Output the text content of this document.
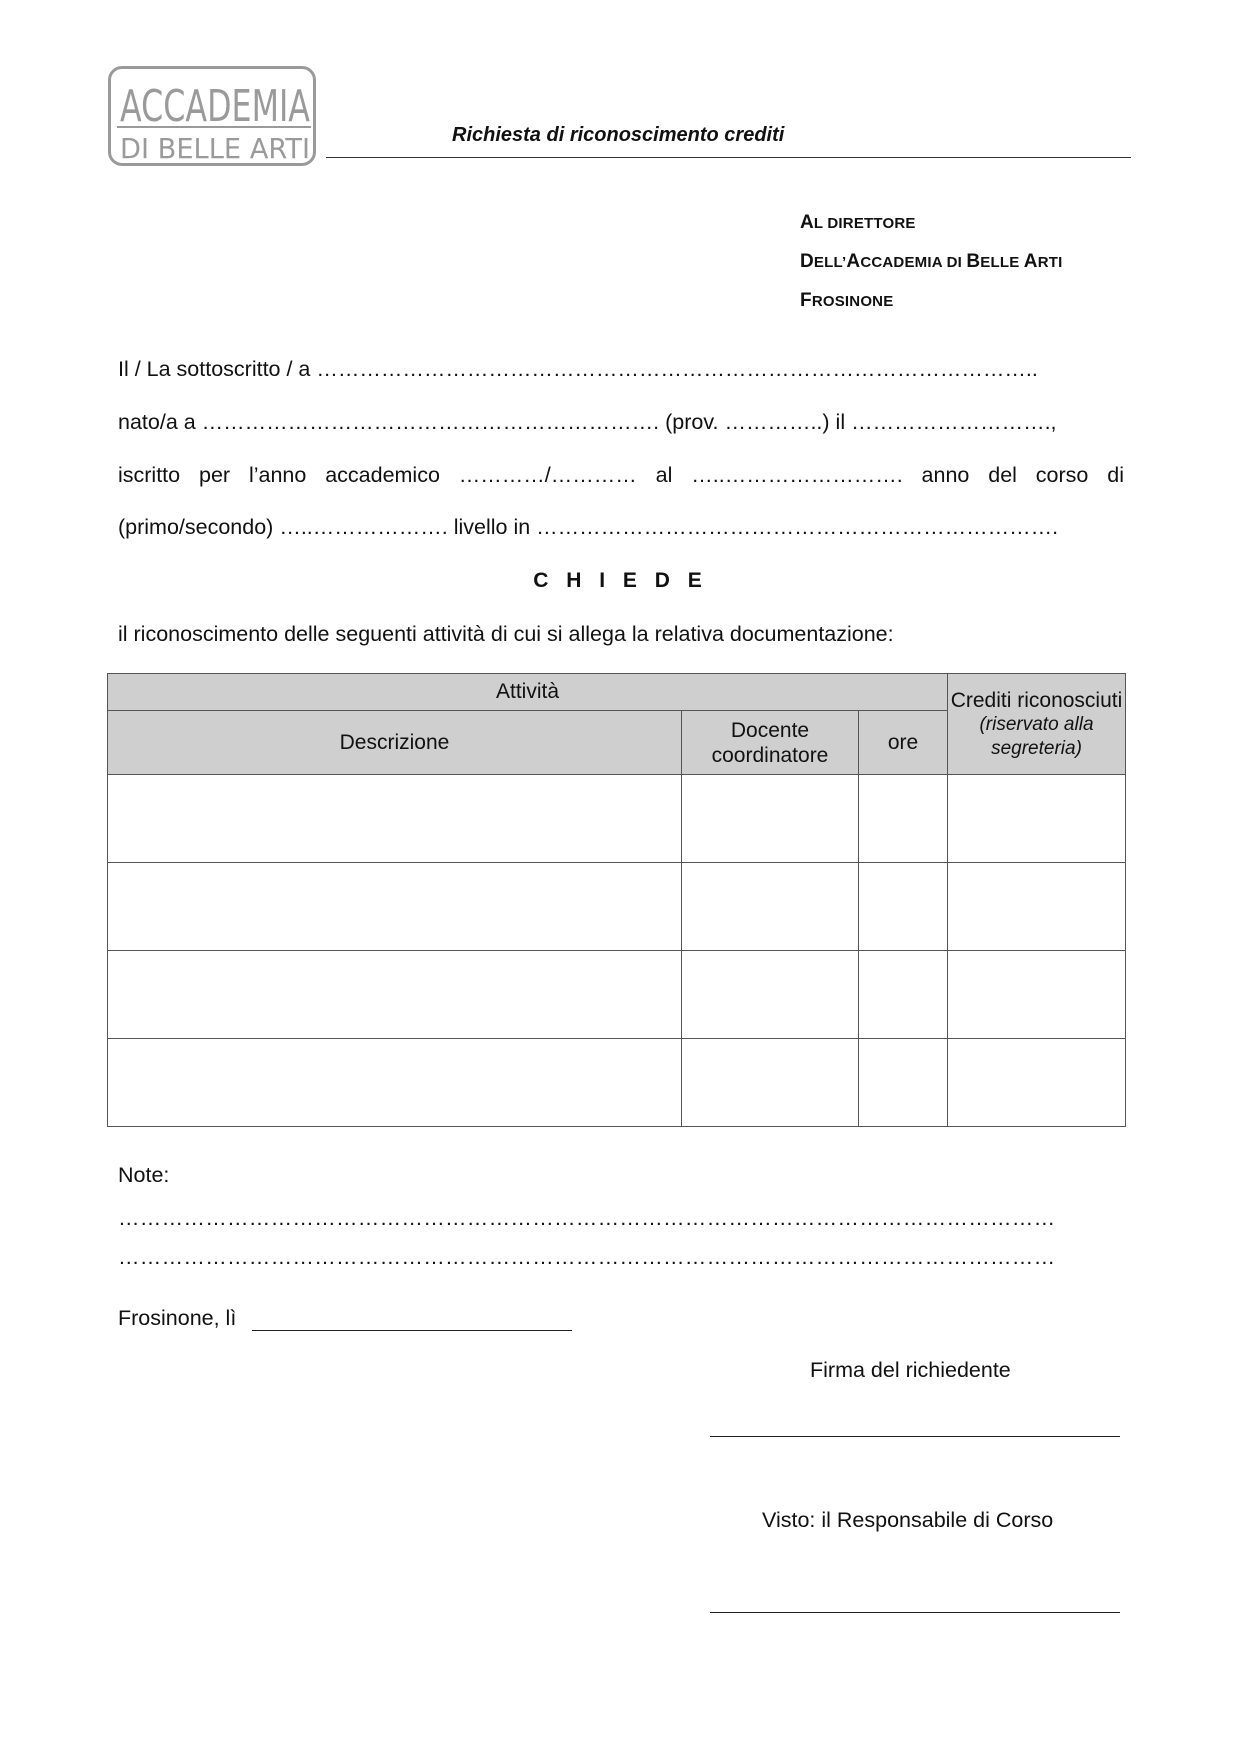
ACCADEMIA
DI BELLE ARTI	Richiesta di riconoscimento crediti
AL DIRETTORE
DELL’ACCADEMIA DI BELLE ARTI
FROSINONE
Il / La sottoscritto / a ………………………………………………………………………………………..
nato/a a ………………………………………………………. (prov. …………..) il ……………………….,
iscritto per l’anno accademico …………/………… al …..……………………. anno del corso di
(primo/secondo) …..………………. livello in ……………………………………………………………….
C H I E D E
il riconoscimento delle seguenti attività di cui si allega la relativa documentazione:
Attività			Crediti riconosciuti
(riservato alla segreteria)

Descrizione	Docente coordinatore	ore	

Note:
…………………………………………………………………………………………………………………
…………………………………………………………………………………………………………………
Frosinone, lì
Firma del richiedente
Visto: il Responsabile di Corso
